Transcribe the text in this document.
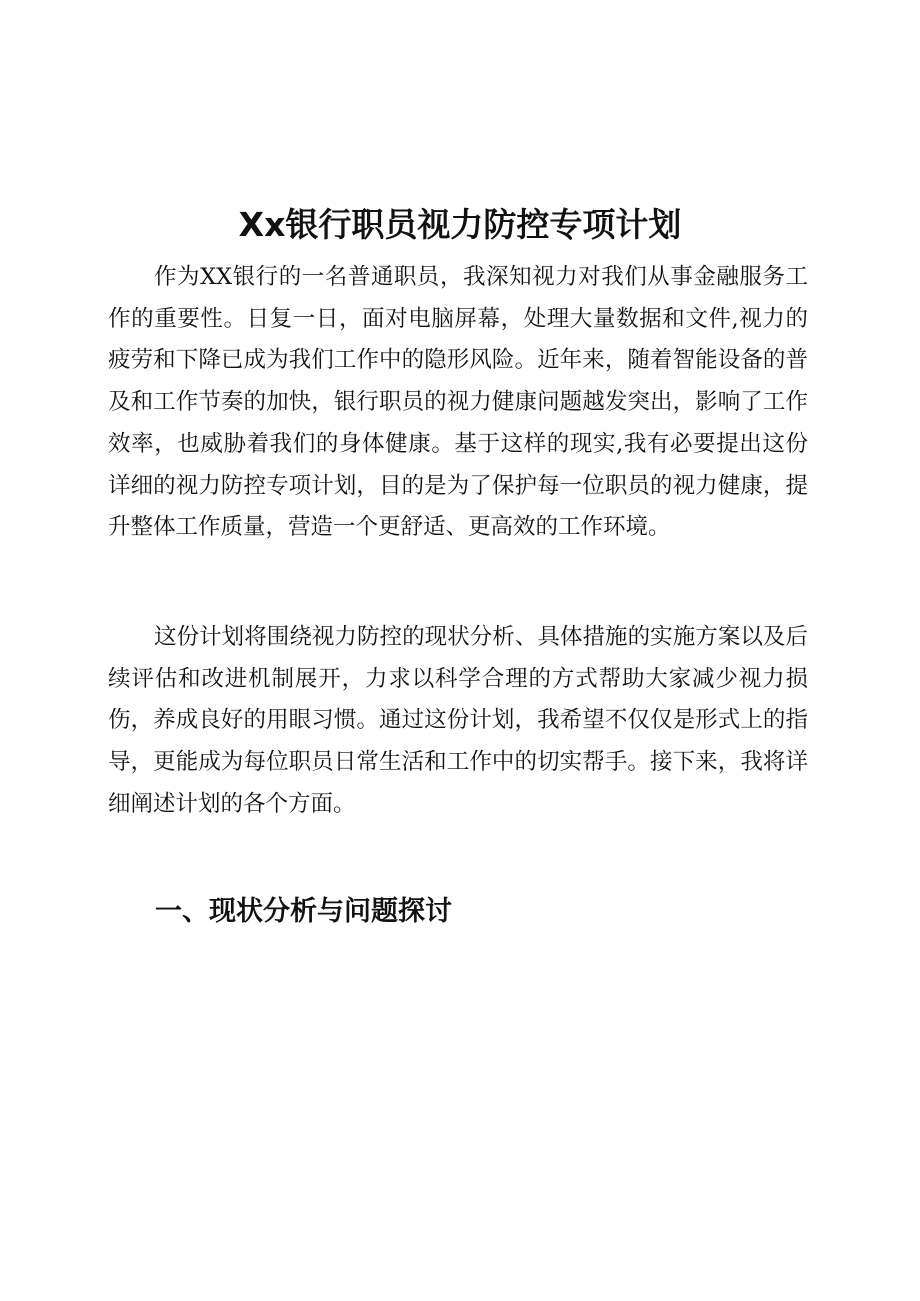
Xx银行职员视力防控专项计划

作为XX银行的一名普通职员，我深知视力对我们从事金融服务工作的重要性。日复一日，面对电脑屏幕，处理大量数据和文件,视力的疲劳和下降已成为我们工作中的隐形风险。近年来，随着智能设备的普及和工作节奏的加快，银行职员的视力健康问题越发突出，影响了工作效率，也威胁着我们的身体健康。基于这样的现实,我有必要提出这份详细的视力防控专项计划，目的是为了保护每一位职员的视力健康，提升整体工作质量，营造一个更舒适、更高效的工作环境。

这份计划将围绕视力防控的现状分析、具体措施的实施方案以及后续评估和改进机制展开，力求以科学合理的方式帮助大家减少视力损伤，养成良好的用眼习惯。通过这份计划，我希望不仅仅是形式上的指导，更能成为每位职员日常生活和工作中的切实帮手。接下来，我将详细阐述计划的各个方面。

一、现状分析与问题探讨
